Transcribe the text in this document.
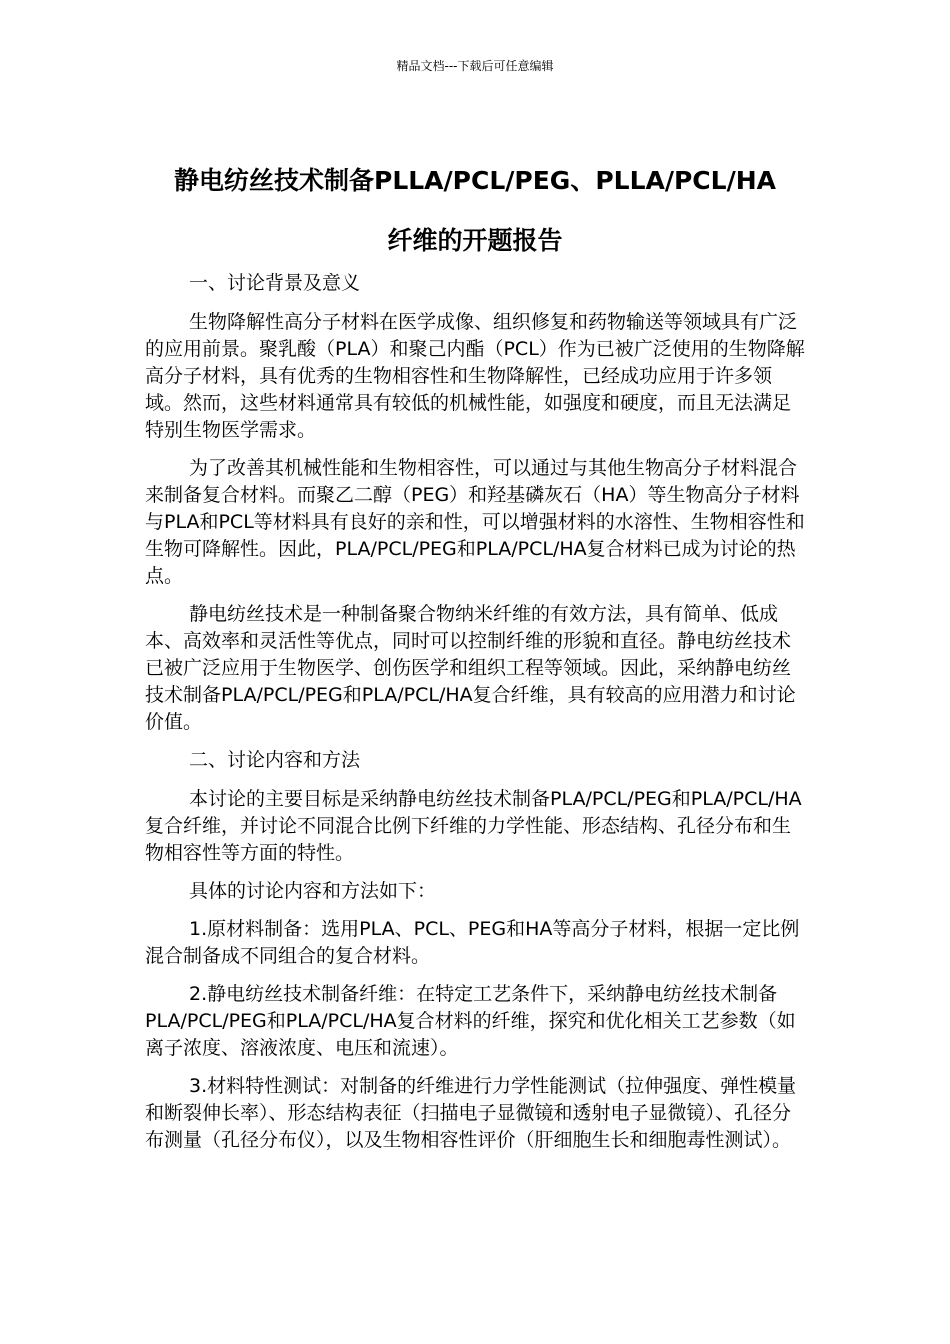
精品文档---下载后可任意编辑
静电纺丝技术制备PLLA/PCL/PEG、PLLA/PCL/HA
纤维的开题报告

一、讨论背景及意义

生物降解性高分子材料在医学成像、组织修复和药物输送等领域具有广泛的应用前景。聚乳酸（PLA）和聚己内酯（PCL）作为已被广泛使用的生物降解高分子材料，具有优秀的生物相容性和生物降解性，已经成功应用于许多领域。然而，这些材料通常具有较低的机械性能，如强度和硬度，而且无法满足特别生物医学需求。

为了改善其机械性能和生物相容性，可以通过与其他生物高分子材料混合来制备复合材料。而聚乙二醇（PEG）和羟基磷灰石（HA）等生物高分子材料与PLA和PCL等材料具有良好的亲和性，可以增强材料的水溶性、生物相容性和生物可降解性。因此，PLA/PCL/PEG和PLA/PCL/HA复合材料已成为讨论的热点。

静电纺丝技术是一种制备聚合物纳米纤维的有效方法，具有简单、低成本、高效率和灵活性等优点，同时可以控制纤维的形貌和直径。静电纺丝技术已被广泛应用于生物医学、创伤医学和组织工程等领域。因此，采纳静电纺丝技术制备PLA/PCL/PEG和PLA/PCL/HA复合纤维，具有较高的应用潜力和讨论价值。

二、讨论内容和方法

本讨论的主要目标是采纳静电纺丝技术制备PLA/PCL/PEG和PLA/PCL/HA复合纤维，并讨论不同混合比例下纤维的力学性能、形态结构、孔径分布和生物相容性等方面的特性。

具体的讨论内容和方法如下：

1.原材料制备：选用PLA、PCL、PEG和HA等高分子材料，根据一定比例混合制备成不同组合的复合材料。

2.静电纺丝技术制备纤维：在特定工艺条件下，采纳静电纺丝技术制备PLA/PCL/PEG和PLA/PCL/HA复合材料的纤维，探究和优化相关工艺参数（如离子浓度、溶液浓度、电压和流速）。

3.材料特性测试：对制备的纤维进行力学性能测试（拉伸强度、弹性模量和断裂伸长率）、形态结构表征（扫描电子显微镜和透射电子显微镜）、孔径分布测量（孔径分布仪），以及生物相容性评价（肝细胞生长和细胞毒性测试）。
